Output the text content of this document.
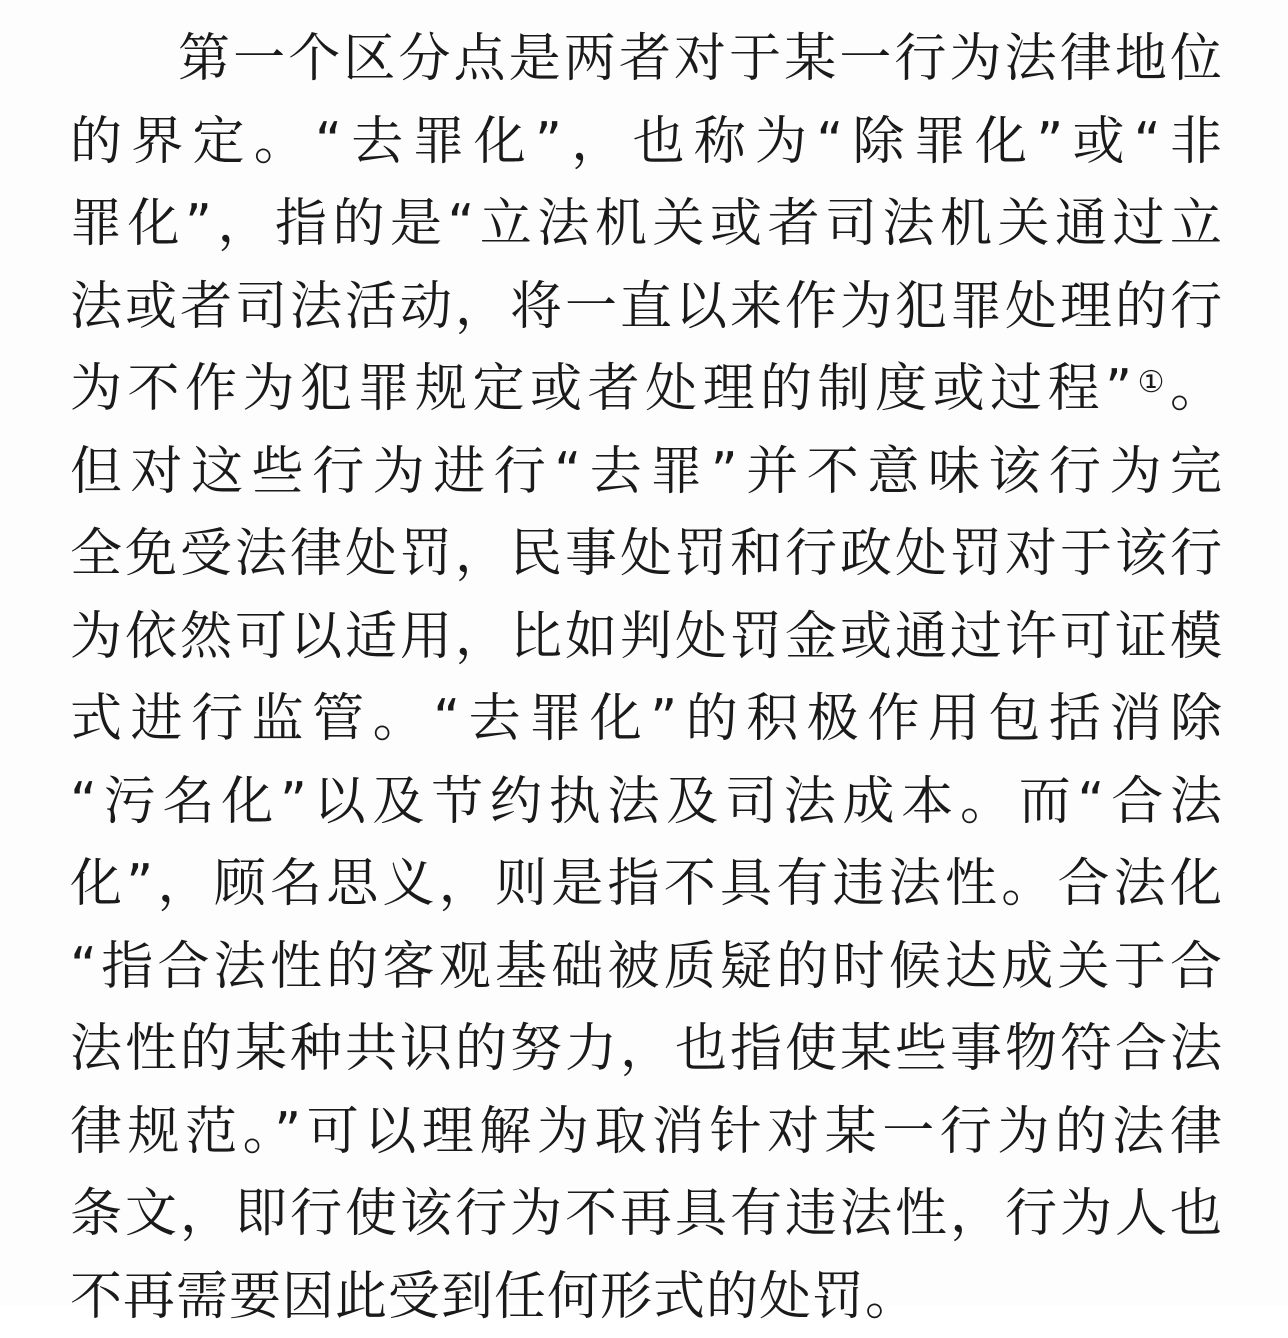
第一个区分点是两者对于某一行为法律地位
的界定。“去罪化”，也称为“除罪化”或“非
罪化”，指的是“立法机关或者司法机关通过立
法或者司法活动，将一直以来作为犯罪处理的行
为不作为犯罪规定或者处理的制度或过程”①。
但对这些行为进行“去罪”并不意味该行为完
全免受法律处罚，民事处罚和行政处罚对于该行
为依然可以适用，比如判处罚金或通过许可证模
式进行监管。“去罪化”的积极作用包括消除
“污名化”以及节约执法及司法成本。而“合法
化”，顾名思义，则是指不具有违法性。合法化
“指合法性的客观基础被质疑的时候达成关于合
法性的某种共识的努力，也指使某些事物符合法
律规范。”可以理解为取消针对某一行为的法律
条文，即行使该行为不再具有违法性，行为人也
不再需要因此受到任何形式的处罚。
